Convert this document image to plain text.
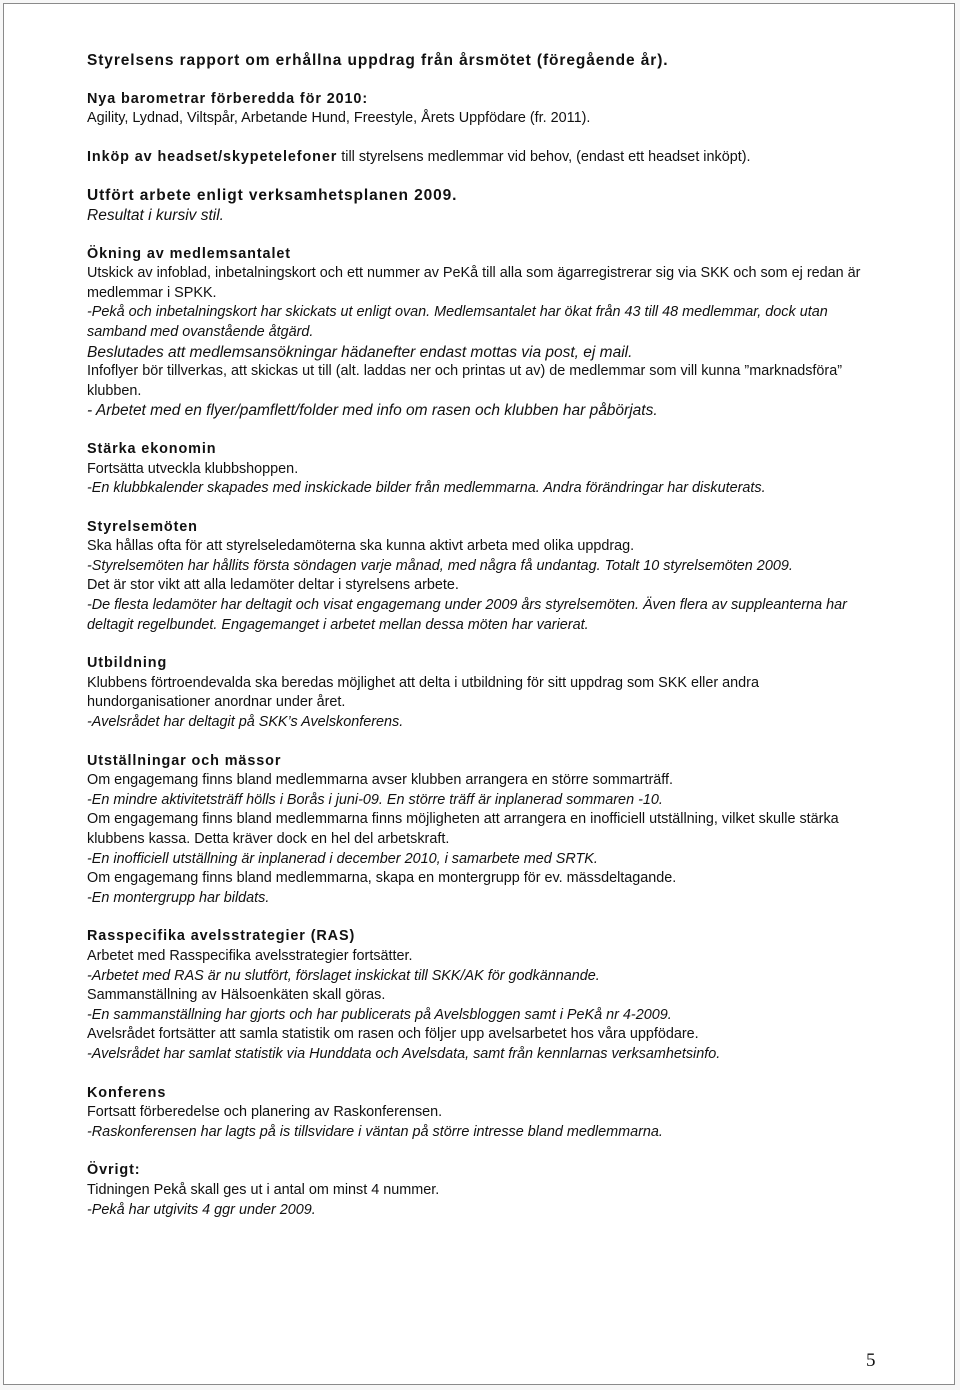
Styrelsens rapport om erhållna uppdrag från årsmötet (föregående år).

Nya barometrar förberedda för 2010:

Agility, Lydnad, Viltspår, Arbetande Hund, Freestyle, Årets Uppfödare (fr. 2011).

Inköp av headset/skypetelefoner till styrelsens medlemmar vid behov, (endast ett headset inköpt).

Utfört arbete enligt verksamhetsplanen 2009.

Resultat i kursiv stil.

Ökning av medlemsantalet

Utskick av infoblad, inbetalningskort och ett nummer av PeKå till alla som ägarregistrerar sig via SKK och som ej redan är medlemmar i SPKK.

-Pekå och inbetalningskort har skickats ut enligt ovan. Medlemsantalet har ökat från 43 till 48 medlemmar, dock utan samband med ovanstående åtgärd.

Beslutades att medlemsansökningar hädanefter endast mottas via post, ej mail.

Infoflyer bör tillverkas, att skickas ut till (alt. laddas ner och printas ut av) de medlemmar som vill kunna ”marknadsföra” klubben.

- Arbetet med en flyer/pamflett/folder med info om rasen och klubben har påbörjats.

Stärka ekonomin

Fortsätta utveckla klubbshoppen.

-En klubbkalender skapades med inskickade bilder från medlemmarna. Andra förändringar har diskuterats.

Styrelsemöten

Ska hållas ofta för att styrelseledamöterna ska kunna aktivt arbeta med olika uppdrag.

-Styrelsemöten har hållits första söndagen varje månad, med några få undantag. Totalt 10 styrelsemöten 2009.

Det är stor vikt att alla ledamöter deltar i styrelsens arbete.

-De flesta ledamöter har deltagit och visat engagemang under 2009 års styrelsemöten. Även flera av suppleanterna har deltagit regelbundet. Engagemanget i arbetet mellan dessa möten har varierat.

Utbildning

Klubbens förtroendevalda ska beredas möjlighet att delta i utbildning för sitt uppdrag som SKK eller andra hundorganisationer anordnar under året.

-Avelsrådet har deltagit på SKK’s Avelskonferens.

Utställningar och mässor

Om engagemang finns bland medlemmarna avser klubben arrangera en större sommarträff.

-En mindre aktivitetsträff hölls i Borås i juni-09. En större träff är inplanerad sommaren -10.

Om engagemang finns bland medlemmarna finns möjligheten att arrangera en inofficiell utställning, vilket skulle stärka klubbens kassa. Detta kräver dock en hel del arbetskraft.

-En inofficiell utställning är inplanerad i december 2010, i samarbete med SRTK.

Om engagemang finns bland medlemmarna, skapa en montergrupp för ev. mässdeltagande.

-En montergrupp har bildats.

Rasspecifika avelsstrategier (RAS)

Arbetet med Rasspecifika avelsstrategier fortsätter.

-Arbetet med RAS är nu slutfört, förslaget inskickat till SKK/AK för godkännande.

Sammanställning av Hälsoenkäten skall göras.

-En sammanställning har gjorts och har publicerats på Avelsbloggen samt i PeKå nr 4-2009.

Avelsrådet fortsätter att samla statistik om rasen och följer upp avelsarbetet hos våra uppfödare.

-Avelsrådet har samlat statistik via Hunddata och Avelsdata, samt från kennlarnas verksamhetsinfo.

Konferens

Fortsatt förberedelse och planering av Raskonferensen.

-Raskonferensen har lagts på is tillsvidare i väntan på större intresse bland medlemmarna.

Övrigt:

Tidningen Pekå skall ges ut i antal om minst 4 nummer.

-Pekå har utgivits 4 ggr under 2009.

5
